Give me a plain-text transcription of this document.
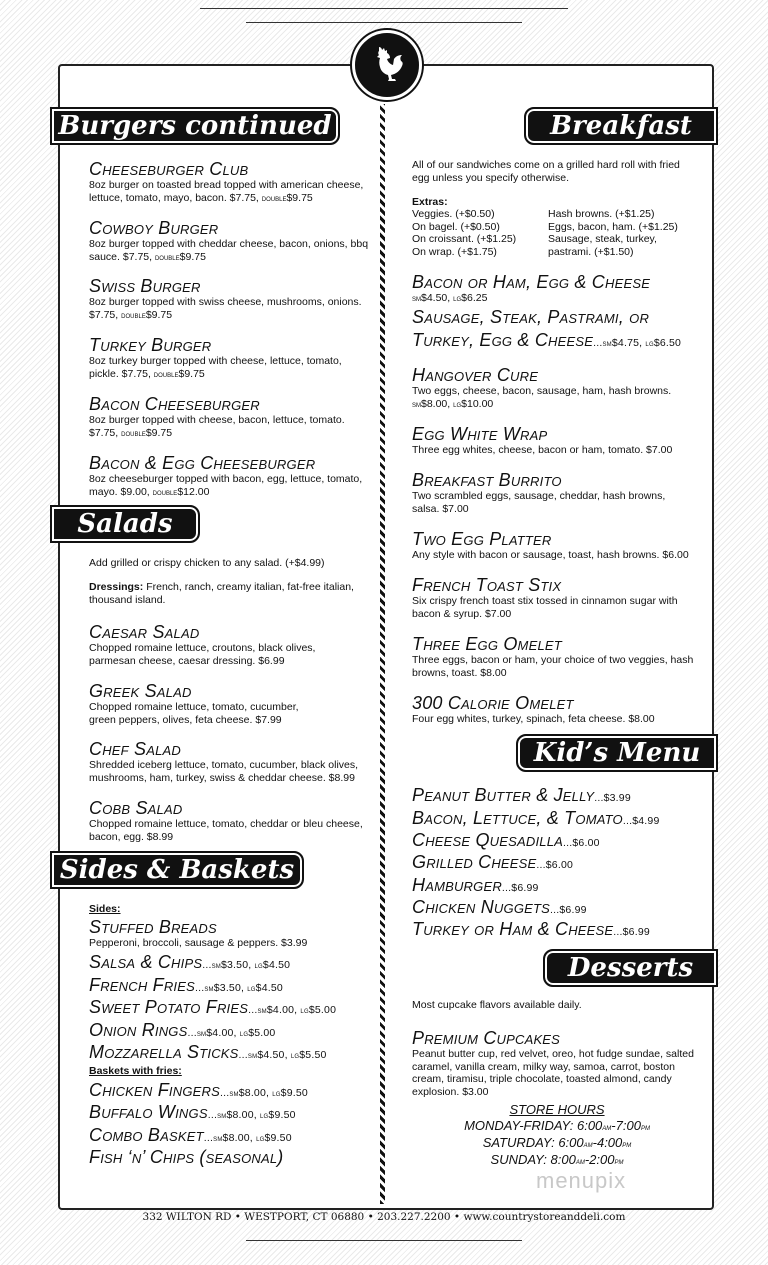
Burgers continued	Breakfast
Salads
Sides & Baskets
Kid’s Menu
Desserts
Cheeseburger Club
8oz burger on toasted bread topped with american cheese, lettuce, tomato, mayo, bacon. $7.75, double$9.75
Cowboy Burger
8oz burger topped with cheddar cheese, bacon, onions, bbq sauce. $7.75, double$9.75
Swiss Burger
8oz burger topped with swiss cheese, mushrooms, onions. $7.75, double$9.75
Turkey Burger
8oz turkey burger topped with cheese, lettuce, tomato, pickle. $7.75, double$9.75
Bacon Cheeseburger
8oz burger topped with cheese, bacon, lettuce, tomato. $7.75, double$9.75
Bacon & Egg Cheeseburger
8oz cheeseburger topped with bacon, egg, lettuce, tomato, mayo. $9.00, double$12.00
Add grilled or crispy chicken to any salad. (+$4.99)
Dressings: French, ranch, creamy italian, fat-free italian, thousand island.
Caesar Salad
Chopped romaine lettuce, croutons, black olives, parmesan cheese, caesar dressing. $6.99
Greek Salad
Chopped romaine lettuce, tomato, cucumber, green peppers, olives, feta cheese. $7.99
Chef Salad
Shredded iceberg lettuce, tomato, cucumber, black olives, mushrooms, ham, turkey, swiss & cheddar cheese. $8.99
Cobb Salad
Chopped romaine lettuce, tomato, cheddar or bleu cheese, bacon, egg. $8.99
Sides:
Stuffed Breads
Pepperoni, broccoli, sausage & peppers. $3.99
Salsa & Chips...sm$3.50, lg$4.50
French Fries...sm$3.50, lg$4.50
Sweet Potato Fries...sm$4.00, lg$5.00
Onion Rings...sm$4.00, lg$5.00
Mozzarella Sticks...sm$4.50, lg$5.50
Baskets with fries:
Chicken Fingers...sm$8.00, lg$9.50
Buffalo Wings...sm$8.00, lg$9.50
Combo Basket...sm$8.00, lg$9.50
Fish ‘n’ Chips (seasonal)
All of our sandwiches come on a grilled hard roll with fried egg unless you specify otherwise.
Extras:
Veggies. (+$0.50)	Hash browns. (+$1.25)
On bagel. (+$0.50)	Eggs, bacon, ham. (+$1.25)
On croissant. (+$1.25)	Sausage, steak, turkey,
On wrap. (+$1.75)	pastrami. (+$1.50)
Bacon or Ham, Egg & Cheese
sm$4.50, lg$6.25
Sausage, Steak, Pastrami, or
Turkey, Egg & Cheese...sm$4.75, lg$6.50
Hangover Cure
Two eggs, cheese, bacon, sausage, ham, hash browns.
sm$8.00, lg$10.00
Egg White Wrap
Three egg whites, cheese, bacon or ham, tomato. $7.00
Breakfast Burrito
Two scrambled eggs, sausage, cheddar, hash browns, salsa. $7.00
Two Egg Platter
Any style with bacon or sausage, toast, hash browns. $6.00
French Toast Stix
Six crispy french toast stix tossed in cinnamon sugar with bacon & syrup. $7.00
Three Egg Omelet
Three eggs, bacon or ham, your choice of two veggies, hash browns, toast. $8.00
300 Calorie Omelet
Four egg whites, turkey, spinach, feta cheese. $8.00
Peanut Butter & Jelly...$3.99
Bacon, Lettuce, & Tomato...$4.99
Cheese Quesadilla...$6.00
Grilled Cheese...$6.00
Hamburger...$6.99
Chicken Nuggets...$6.99
Turkey or Ham & Cheese...$6.99
Most cupcake flavors available daily.
Premium Cupcakes
Peanut butter cup, red velvet, oreo, hot fudge sundae, salted caramel, vanilla cream, milky way, samoa, carrot, boston cream, tiramisu, triple chocolate, toasted almond, candy explosion. $3.00
STORE HOURS
MONDAY-FRIDAY: 6:00am-7:00pm
SATURDAY: 6:00am-4:00pm
SUNDAY: 8:00am-2:00pm
menupix
332 WILTON RD • WESTPORT, CT 06880 • 203.227.2200 • www.countrystoreanddeli.com
